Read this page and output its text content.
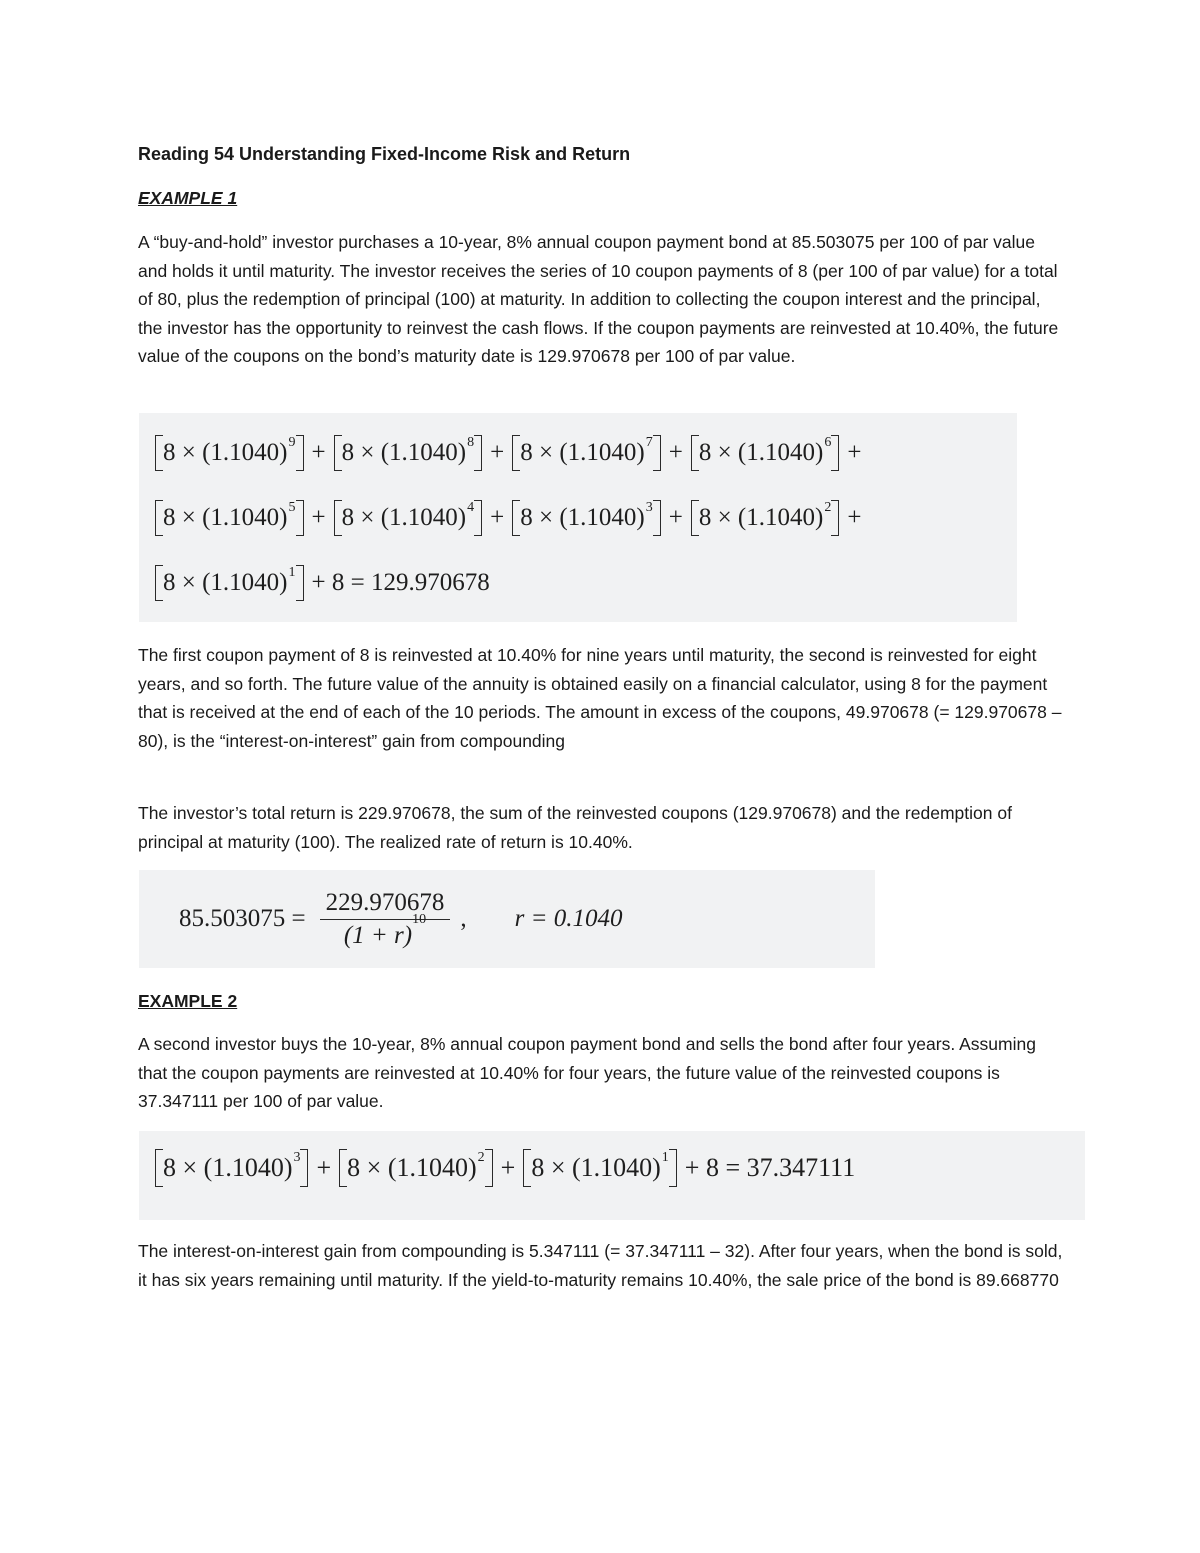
Reading 54 Understanding Fixed-Income Risk and Return

EXAMPLE 1

A “buy-and-hold” investor purchases a 10-year, 8% annual coupon payment bond at 85.503075 per 100 of par value and holds it until maturity. The investor receives the series of 10 coupon payments of 8 (per 100 of par value) for a total of 80, plus the redemption of principal (100) at maturity. In addition to collecting the coupon interest and the principal, the investor has the opportunity to reinvest the cash flows. If the coupon payments are reinvested at 10.40%, the future value of the coupons on the bond’s maturity date is 129.970678 per 100 of par value.

$8 \times (1.1040)^9 + 8 \times (1.1040)^8 + 8 \times (1.1040)^7 + 8 \times (1.1040)^6$ +
$8 \times (1.1040)^5 + 8 \times (1.1040)^4 + 8 \times (1.1040)^3 + 8 \times (1.1040)^2$ +
$8 \times (1.1040)^1 + 8 = 129.970678$

The first coupon payment of 8 is reinvested at 10.40% for nine years until maturity, the second is reinvested for eight years, and so forth. The future value of the annuity is obtained easily on a financial calculator, using 8 for the payment that is received at the end of each of the 10 periods. The amount in excess of the coupons, 49.970678 (= 129.970678 – 80), is the “interest-on-interest” gain from compounding

The investor’s total return is 229.970678, the sum of the reinvested coupons (129.970678) and the redemption of principal at maturity (100). The realized rate of return is 10.40%.

$85.503075 = \frac{229.970678}{(1 + r)^{10}}$ , r = 0.1040

EXAMPLE 2

A second investor buys the 10-year, 8% annual coupon payment bond and sells the bond after four years. Assuming that the coupon payments are reinvested at 10.40% for four years, the future value of the reinvested coupons is 37.347111 per 100 of par value.

$8 \times (1.1040)^3 + 8 \times (1.1040)^2 + 8 \times (1.1040)^1 + 8 = 37.347111$

The interest-on-interest gain from compounding is 5.347111 (= 37.347111 – 32). After four years, when the bond is sold, it has six years remaining until maturity. If the yield-to-maturity remains 10.40%, the sale price of the bond is 89.668770
